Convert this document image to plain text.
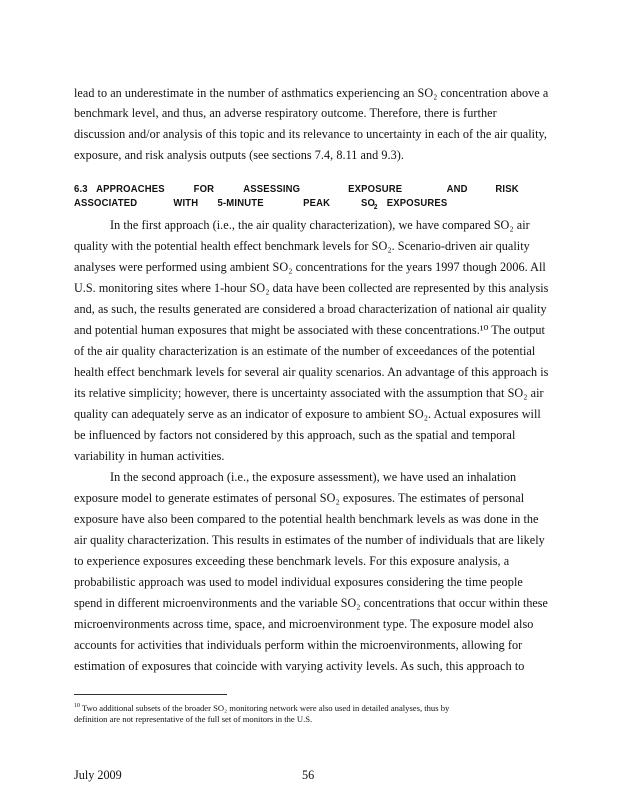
lead to an underestimate in the number of asthmatics experiencing an SO₂ concentration above a
benchmark level, and thus, an adverse respiratory outcome. Therefore, there is further
discussion and/or analysis of this topic and its relevance to uncertainty in each of the air quality,
exposure, and risk analysis outputs (see sections 7.4, 8.11 and 9.3).
6.3 APPROACHES	FOR	ASSESSING	EXPOSURE	AND	RISK
ASSOCIATED	WITH 5-MINUTE	PEAK	SO2 EXPOSURES
In the first approach (i.e., the air quality characterization), we have compared SO₂ air
quality with the potential health effect benchmark levels for SO₂. Scenario-driven air quality
analyses were performed using ambient SO₂ concentrations for the years 1997 though 2006. All
U.S. monitoring sites where 1-hour SO₂ data have been collected are represented by this analysis
and, as such, the results generated are considered a broad characterization of national air quality
and potential human exposures that might be associated with these concentrations.¹⁰ The output
of the air quality characterization is an estimate of the number of exceedances of the potential
health effect benchmark levels for several air quality scenarios. An advantage of this approach is
its relative simplicity; however, there is uncertainty associated with the assumption that SO₂ air
quality can adequately serve as an indicator of exposure to ambient SO₂. Actual exposures will
be influenced by factors not considered by this approach, such as the spatial and temporal
variability in human activities.
In the second approach (i.e., the exposure assessment), we have used an inhalation
exposure model to generate estimates of personal SO₂ exposures. The estimates of personal
exposure have also been compared to the potential health benchmark levels as was done in the
air quality characterization. This results in estimates of the number of individuals that are likely
to experience exposures exceeding these benchmark levels. For this exposure analysis, a
probabilistic approach was used to model individual exposures considering the time people
spend in different microenvironments and the variable SO₂ concentrations that occur within these
microenvironments across time, space, and microenvironment type. The exposure model also
accounts for activities that individuals perform within the microenvironments, allowing for
estimation of exposures that coincide with varying activity levels. As such, this approach to
$^{10}$ Two additional subsets of the broader SO₂ monitoring network were also used in detailed analyses, thus by
definition are not representative of the full set of monitors in the U.S.
July 2009	56
